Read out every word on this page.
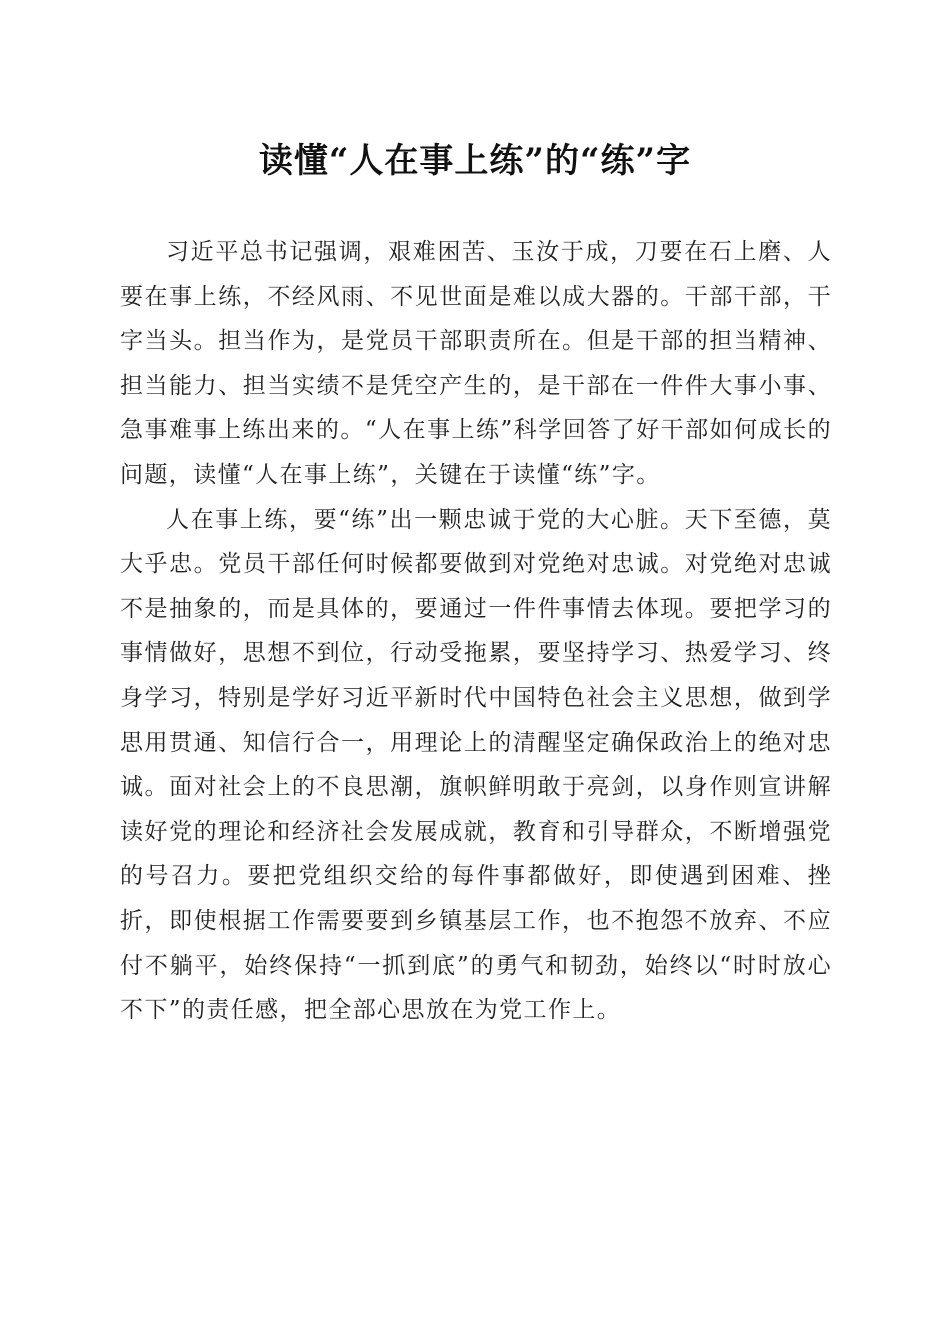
读懂“人在事上练”的“练”字

习近平总书记强调，艰难困苦、玉汝于成，刀要在石上磨、人要在事上练，不经风雨、不见世面是难以成大器的。干部干部，干字当头。担当作为，是党员干部职责所在。但是干部的担当精神、担当能力、担当实绩不是凭空产生的，是干部在一件件大事小事、急事难事上练出来的。“人在事上练”科学回答了好干部如何成长的问题，读懂“人在事上练”，关键在于读懂“练”字。

人在事上练，要“练”出一颗忠诚于党的大心脏。天下至德，莫大乎忠。党员干部任何时候都要做到对党绝对忠诚。对党绝对忠诚不是抽象的，而是具体的，要通过一件件事情去体现。要把学习的事情做好，思想不到位，行动受拖累，要坚持学习、热爱学习、终身学习，特别是学好习近平新时代中国特色社会主义思想，做到学思用贯通、知信行合一，用理论上的清醒坚定确保政治上的绝对忠诚。面对社会上的不良思潮，旗帜鲜明敢于亮剑，以身作则宣讲解读好党的理论和经济社会发展成就，教育和引导群众，不断增强党的号召力。要把党组织交给的每件事都做好，即使遇到困难、挫折，即使根据工作需要要到乡镇基层工作，也不抱怨不放弃、不应付不躺平，始终保持“一抓到底”的勇气和韧劲，始终以“时时放心不下”的责任感，把全部心思放在为党工作上。
